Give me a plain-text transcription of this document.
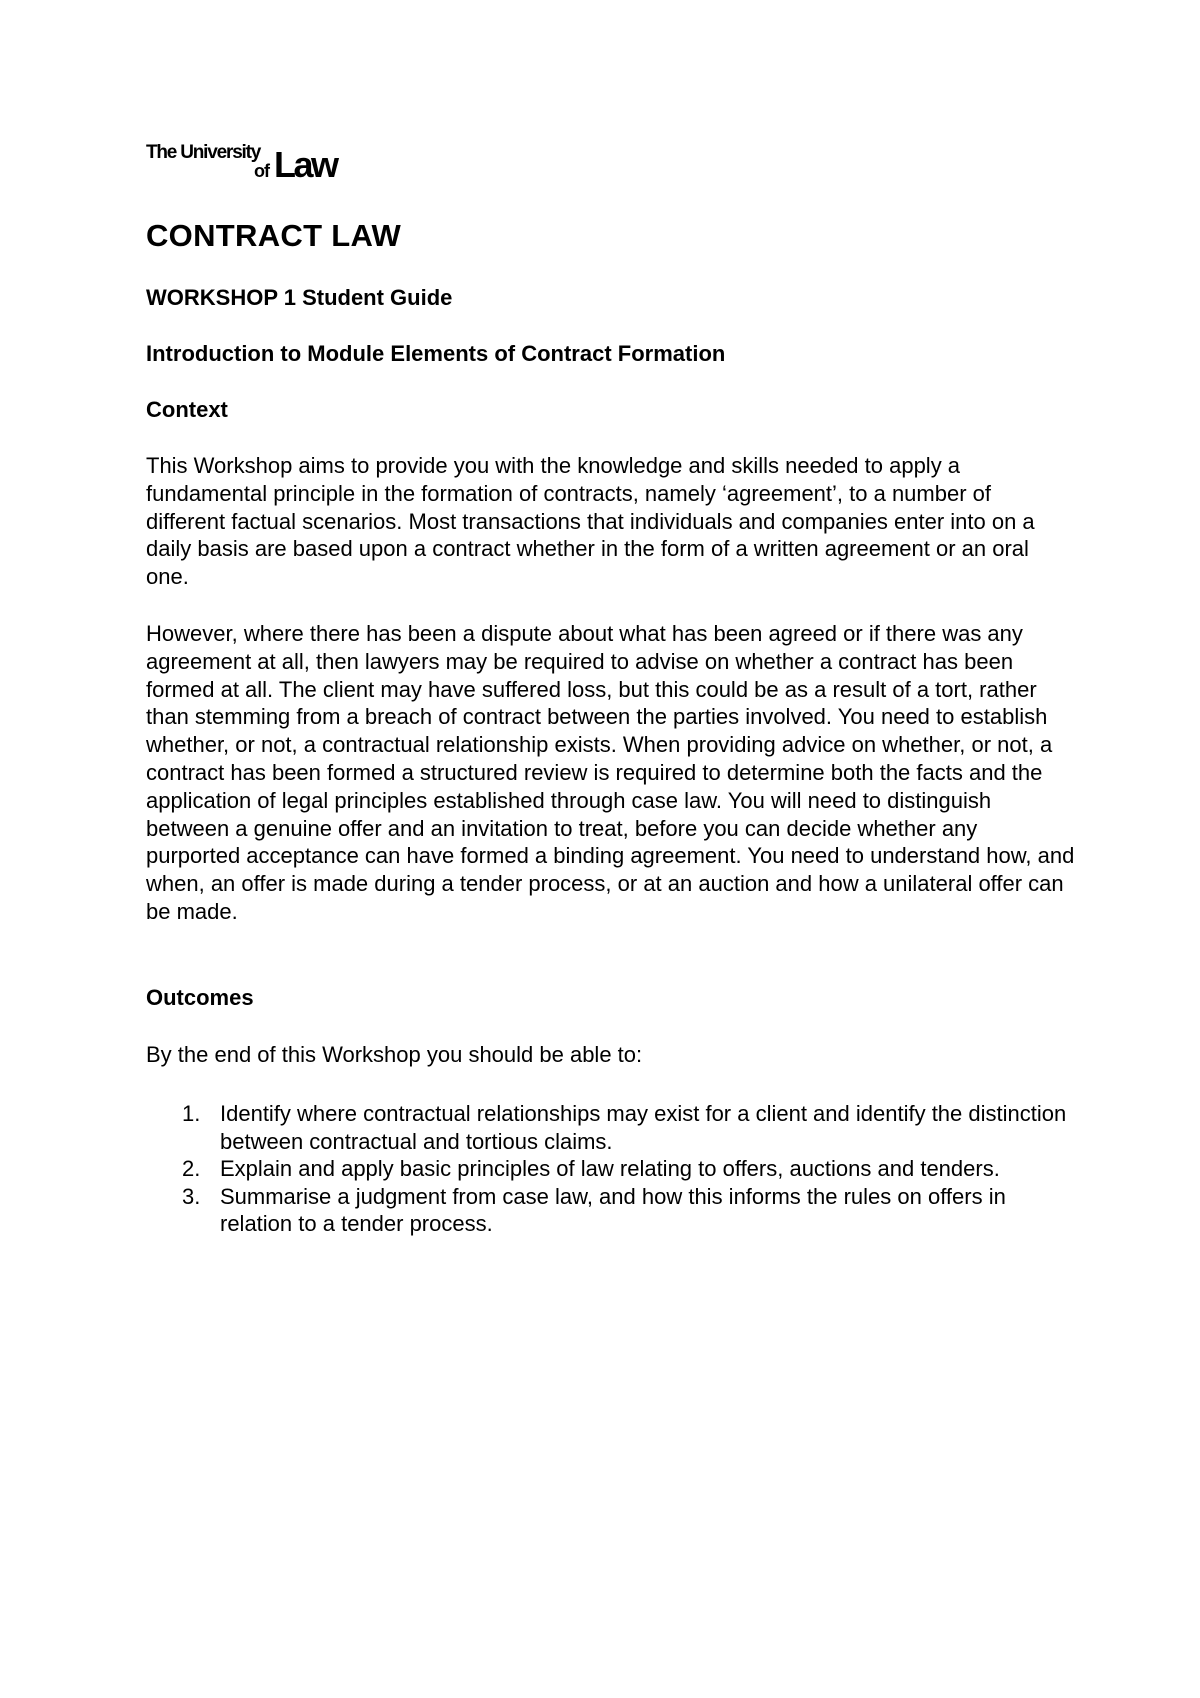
The University
of Law
CONTRACT LAW
WORKSHOP 1 Student Guide
Introduction to Module Elements of Contract Formation
Context

This Workshop aims to provide you with the knowledge and skills needed to apply a fundamental principle in the formation of contracts, namely ‘agreement’, to a number of different factual scenarios. Most transactions that individuals and companies enter into on a daily basis are based upon a contract whether in the form of a written agreement or an oral one.

However, where there has been a dispute about what has been agreed or if there was any agreement at all, then lawyers may be required to advise on whether a contract has been formed at all. The client may have suffered loss, but this could be as a result of a tort, rather than stemming from a breach of contract between the parties involved. You need to establish whether, or not, a contractual relationship exists. When providing advice on whether, or not, a contract has been formed a structured review is required to determine both the facts and the application of legal principles established through case law. You will need to distinguish between a genuine offer and an invitation to treat, before you can decide whether any purported acceptance can have formed a binding agreement. You need to understand how, and when, an offer is made during a tender process, or at an auction and how a unilateral offer can be made.

Outcomes

By the end of this Workshop you should be able to:

1. Identify where contractual relationships may exist for a client and identify the distinction between contractual and tortious claims.
2. Explain and apply basic principles of law relating to offers, auctions and tenders.
3. Summarise a judgment from case law, and how this informs the rules on offers in relation to a tender process.
